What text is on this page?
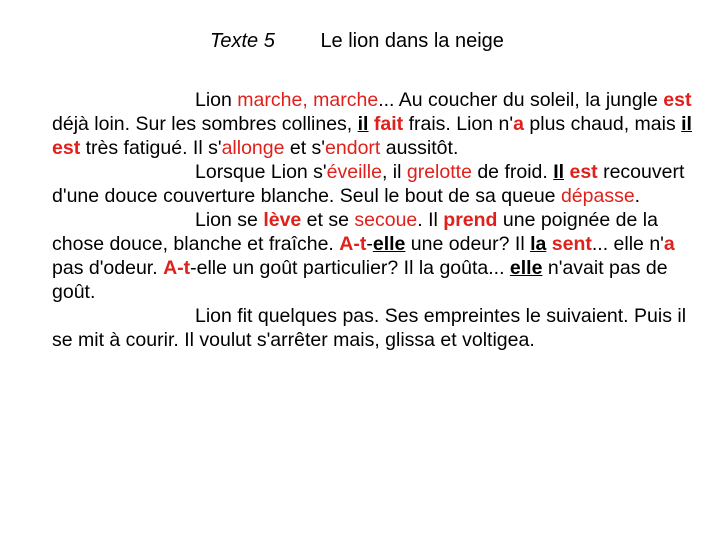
Texte 5 Le lion dans la neige

Lion marche, marche... Au coucher du soleil, la jungle est déjà loin. Sur les sombres collines, il fait frais. Lion n'a plus chaud, mais il est très fatigué. Il s'allonge et s'endort aussitôt.

Lorsque Lion s'éveille, il grelotte de froid. Il est recouvert d'une douce couverture blanche. Seul le bout de sa queue dépasse.

Lion se lève et se secoue. Il prend une poignée de la chose douce, blanche et fraîche. A-t-elle une odeur? Il la sent... elle n'a pas d'odeur. A-t-elle un goût particulier? Il la goûta... elle n'avait pas de goût.

Lion fit quelques pas. Ses empreintes le suivaient. Puis il se mit à courir. Il voulut s'arrêter mais, glissa et voltigea.
